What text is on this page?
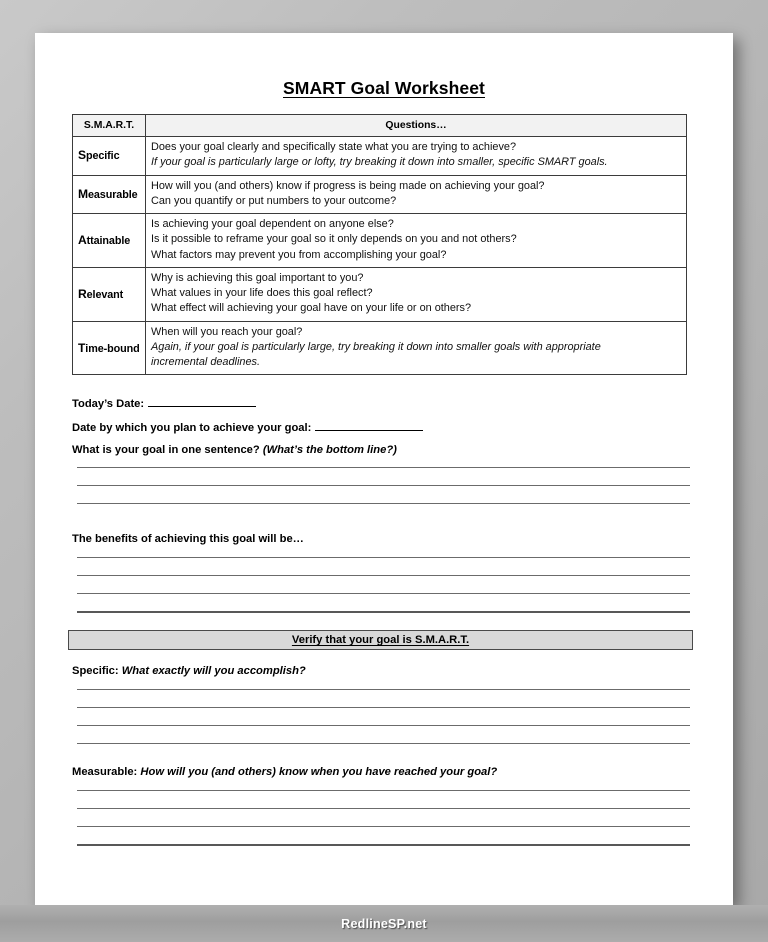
SMART Goal Worksheet
S.M.A.R.T.	Questions…
Specific	Does your goal clearly and specifically state what you are trying to achieve?
If your goal is particularly large or lofty, try breaking it down into smaller, specific SMART goals.

Measurable	How will you (and others) know if progress is being made on achieving your goal?
Can you quantify or put numbers to your outcome?

Attainable	Is achieving your goal dependent on anyone else?
Is it possible to reframe your goal so it only depends on you and not others?
What factors may prevent you from accomplishing your goal?

Relevant	Why is achieving this goal important to you?
What values in your life does this goal reflect?
What effect will achieving your goal have on your life or on others?

Time-bound	When will you reach your goal?
Again, if your goal is particularly large, try breaking it down into smaller goals with appropriate
incremental deadlines.
Today’s Date:
Date by which you plan to achieve your goal:
What is your goal in one sentence? (What’s the bottom line?)
The benefits of achieving this goal will be…
Verify that your goal is S.M.A.R.T.
Specific: What exactly will you accomplish?
Measurable: How will you (and others) know when you have reached your goal?
RedlineSP.net
